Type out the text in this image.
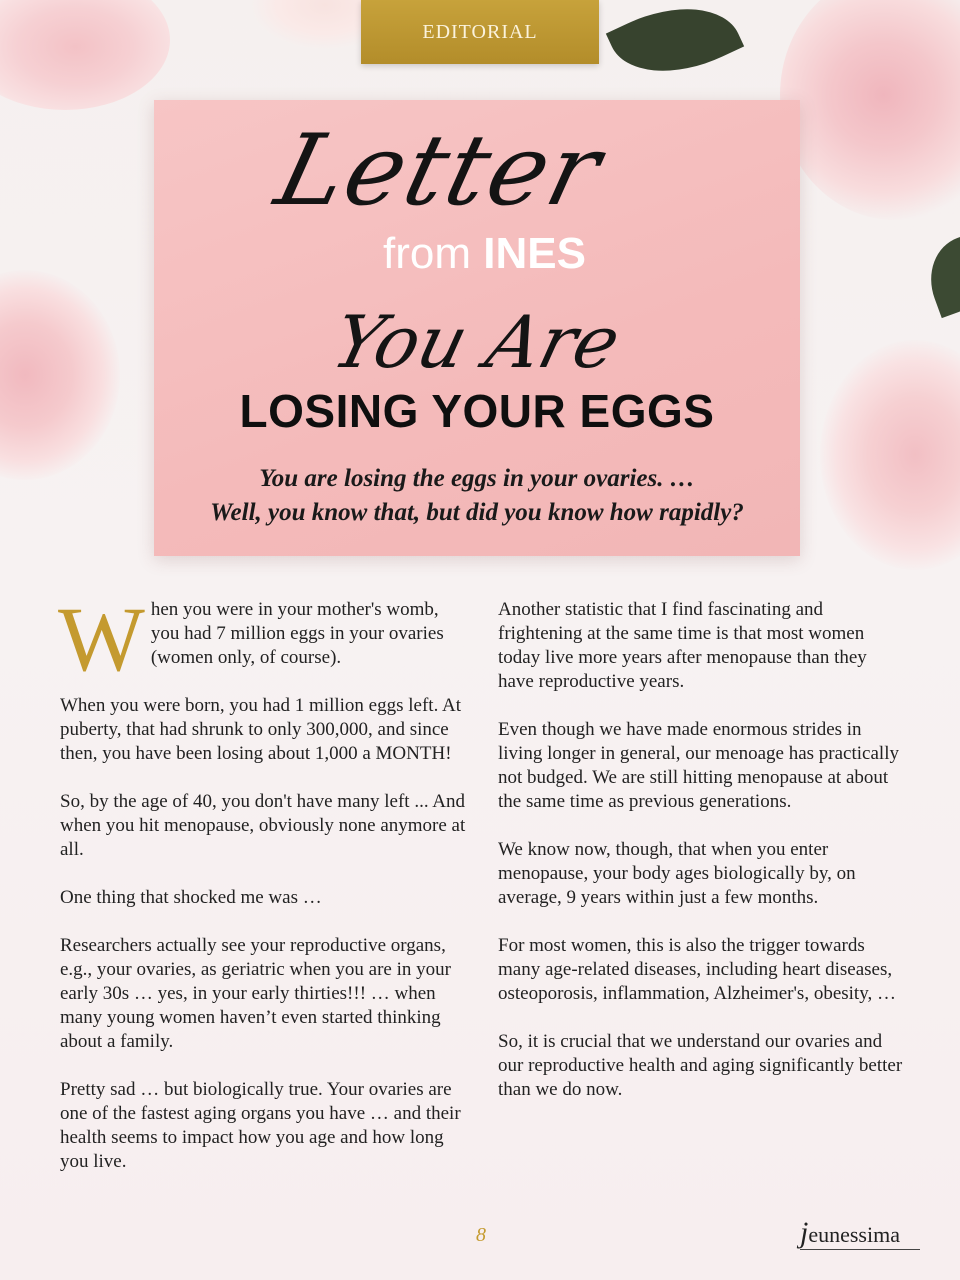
EDITORIAL
Letter
from INES
You Are
LOSING YOUR EGGS
You are losing the eggs in your ovaries. …
Well, you know that, but did you know how rapidly?

W hen you were in your mother's womb, you had 7 million eggs in your ovaries (women only, of course).

When you were born, you had 1 million eggs left. At puberty, that had shrunk to only 300,000, and since then, you have been losing about 1,000 a MONTH!

So, by the age of 40, you don't have many left ... And when you hit menopause, obviously none anymore at all.

One thing that shocked me was …

Researchers actually see your reproductive organs, e.g., your ovaries, as geriatric when you are in your early 30s … yes, in your early thirties!!! … when many young women haven’t even started thinking about a family.

Pretty sad … but biologically true. Your ovaries are one of the fastest aging organs you have … and their health seems to impact how you age and how long you live.

Another statistic that I find fascinating and frightening at the same time is that most women today live more years after menopause than they have reproductive years.

Even though we have made enormous strides in living longer in general, our menoage has practically not budged. We are still hitting menopause at about the same time as previous generations.

We know now, though, that when you enter menopause, your body ages biologically by, on average, 9 years within just a few months.

For most women, this is also the trigger towards many age-related diseases, including heart diseases, osteoporosis, inflammation, Alzheimer's, obesity, …

So, it is crucial that we understand our ovaries and our reproductive health and aging significantly better than we do now.

8	jeunessima
